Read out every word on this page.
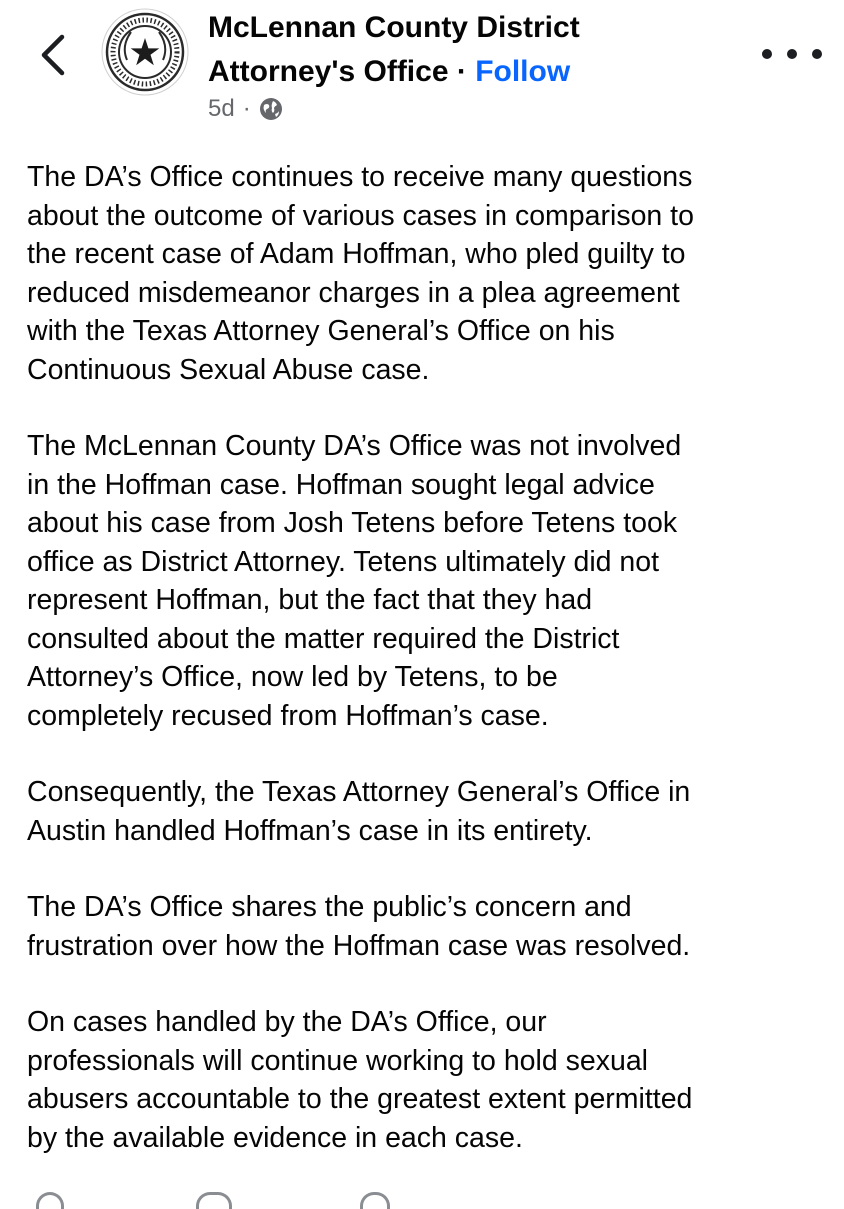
McLennan County District
Attorney's Office · Follow
5d ·

The DA’s Office continues to receive many questions
about the outcome of various cases in comparison to
the recent case of Adam Hoffman, who pled guilty to
reduced misdemeanor charges in a plea agreement
with the Texas Attorney General’s Office on his
Continuous Sexual Abuse case.

The McLennan County DA’s Office was not involved
in the Hoffman case. Hoffman sought legal advice
about his case from Josh Tetens before Tetens took
office as District Attorney. Tetens ultimately did not
represent Hoffman, but the fact that they had
consulted about the matter required the District
Attorney’s Office, now led by Tetens, to be
completely recused from Hoffman’s case.

Consequently, the Texas Attorney General’s Office in
Austin handled Hoffman’s case in its entirety.

The DA’s Office shares the public’s concern and
frustration over how the Hoffman case was resolved.

On cases handled by the DA’s Office, our
professionals will continue working to hold sexual
abusers accountable to the greatest extent permitted
by the available evidence in each case.
